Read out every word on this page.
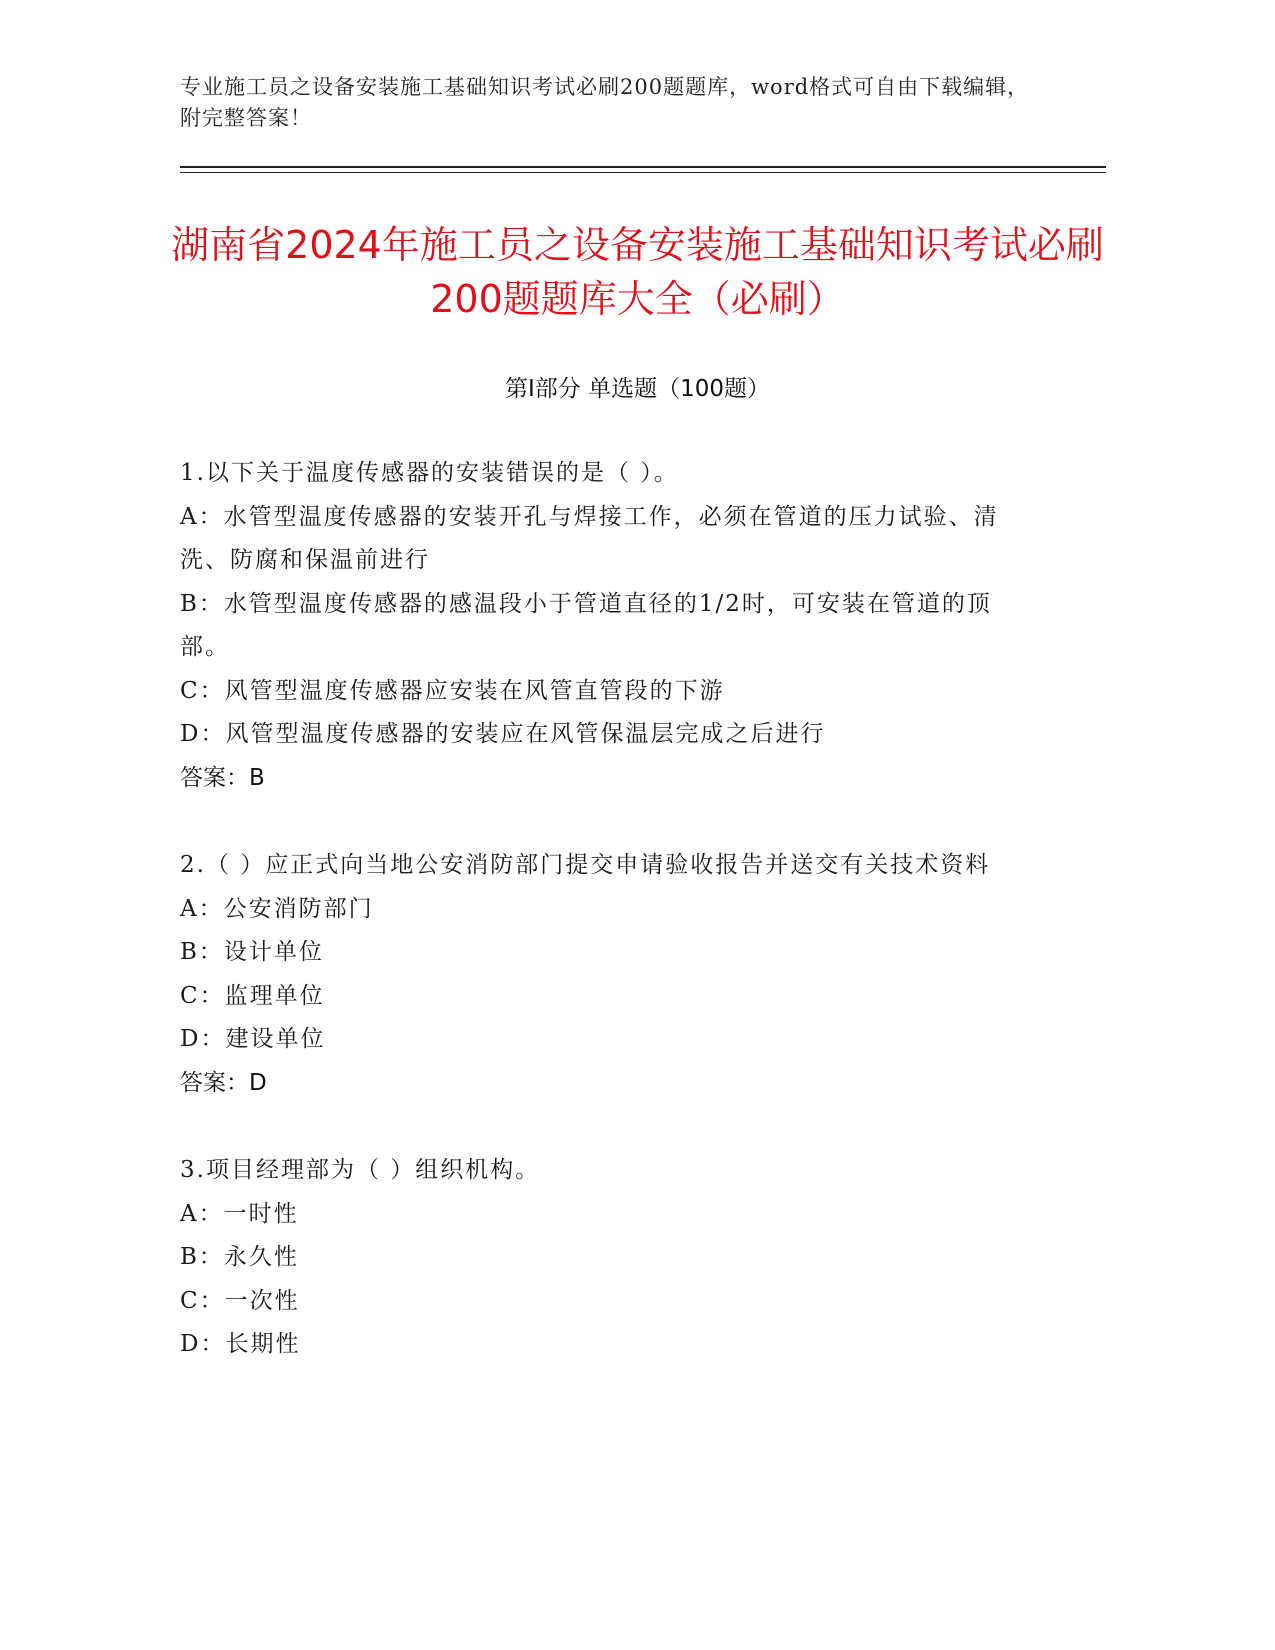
专业施工员之设备安装施工基础知识考试必刷200题题库，word格式可自由下载编辑，附完整答案！
湖南省2024年施工员之设备安装施工基础知识考试必刷200题题库大全（必刷）
第Ⅰ部分 单选题（100题）
1.以下关于温度传感器的安装错误的是（ ）。
A：水管型温度传感器的安装开孔与焊接工作，必须在管道的压力试验、清洗、防腐和保温前进行
B：水管型温度传感器的感温段小于管道直径的1/2时，可安装在管道的顶部。
C：风管型温度传感器应安装在风管直管段的下游
D：风管型温度传感器的安装应在风管保温层完成之后进行
答案：B
2.（ ）应正式向当地公安消防部门提交申请验收报告并送交有关技术资料
A：公安消防部门
B：设计单位
C：监理单位
D：建设单位
答案：D
3.项目经理部为（ ）组织机构。
A：一时性
B：永久性
C：一次性
D：长期性
